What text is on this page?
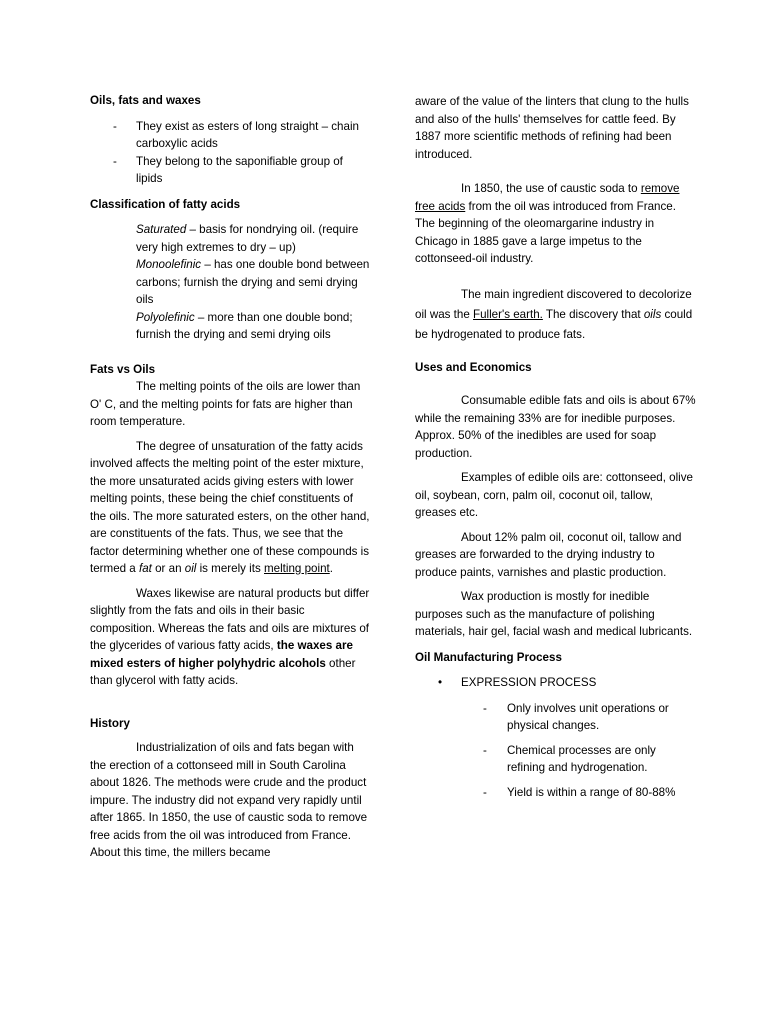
Oils, fats and waxes

- They exist as esters of long straight – chain carboxylic acids
- They belong to the saponifiable group of lipids

Classification of fatty acids

Saturated – basis for nondrying oil. (require very high extremes to dry – up)

Monoolefinic – has one double bond between carbons; furnish the drying and semi drying oils

Polyolefinic – more than one double bond; furnish the drying and semi drying oils

Fats vs Oils

The melting points of the oils are lower than O' C, and the melting points for fats are higher than room temperature.

The degree of unsaturation of the fatty acids involved affects the melting point of the ester mixture, the more unsaturated acids giving esters with lower melting points, these being the chief constituents of the oils. The more saturated esters, on the other hand, are constituents of the fats. Thus, we see that the factor determining whether one of these compounds is termed a fat or an oil is merely its melting point.

Waxes likewise are natural products but differ slightly from the fats and oils in their basic composition. Whereas the fats and oils are mixtures of the glycerides of various fatty acids, the waxes are mixed esters of higher polyhydric alcohols other than glycerol with fatty acids.

History

Industrialization of oils and fats began with the erection of a cottonseed mill in South Carolina about 1826. The methods were crude and the product impure. The industry did not expand very rapidly until after 1865. In 1850, the use of caustic soda to remove free acids from the oil was introduced from France. About this time, the millers became

aware of the value of the linters that clung to the hulls and also of the hulls' themselves for cattle feed. By 1887 more scientific methods of refining had been introduced.

In 1850, the use of caustic soda to remove free acids from the oil was introduced from France. The beginning of the oleomargarine industry in Chicago in 1885 gave a large impetus to the cottonseed-oil industry.

The main ingredient discovered to decolorize oil was the Fuller's earth. The discovery that oils could be hydrogenated to produce fats.

Uses and Economics

Consumable edible fats and oils is about 67% while the remaining 33% are for inedible purposes. Approx. 50% of the inedibles are used for soap production.

Examples of edible oils are: cottonseed, olive oil, soybean, corn, palm oil, coconut oil, tallow, greases etc.

About 12% palm oil, coconut oil, tallow and greases are forwarded to the drying industry to produce paints, varnishes and plastic production.

Wax production is mostly for inedible purposes such as the manufacture of polishing materials, hair gel, facial wash and medical lubricants.

Oil Manufacturing Process

• EXPRESSION PROCESS
- Only involves unit operations or physical changes.
- Chemical processes are only refining and hydrogenation.
- Yield is within a range of 80-88%
